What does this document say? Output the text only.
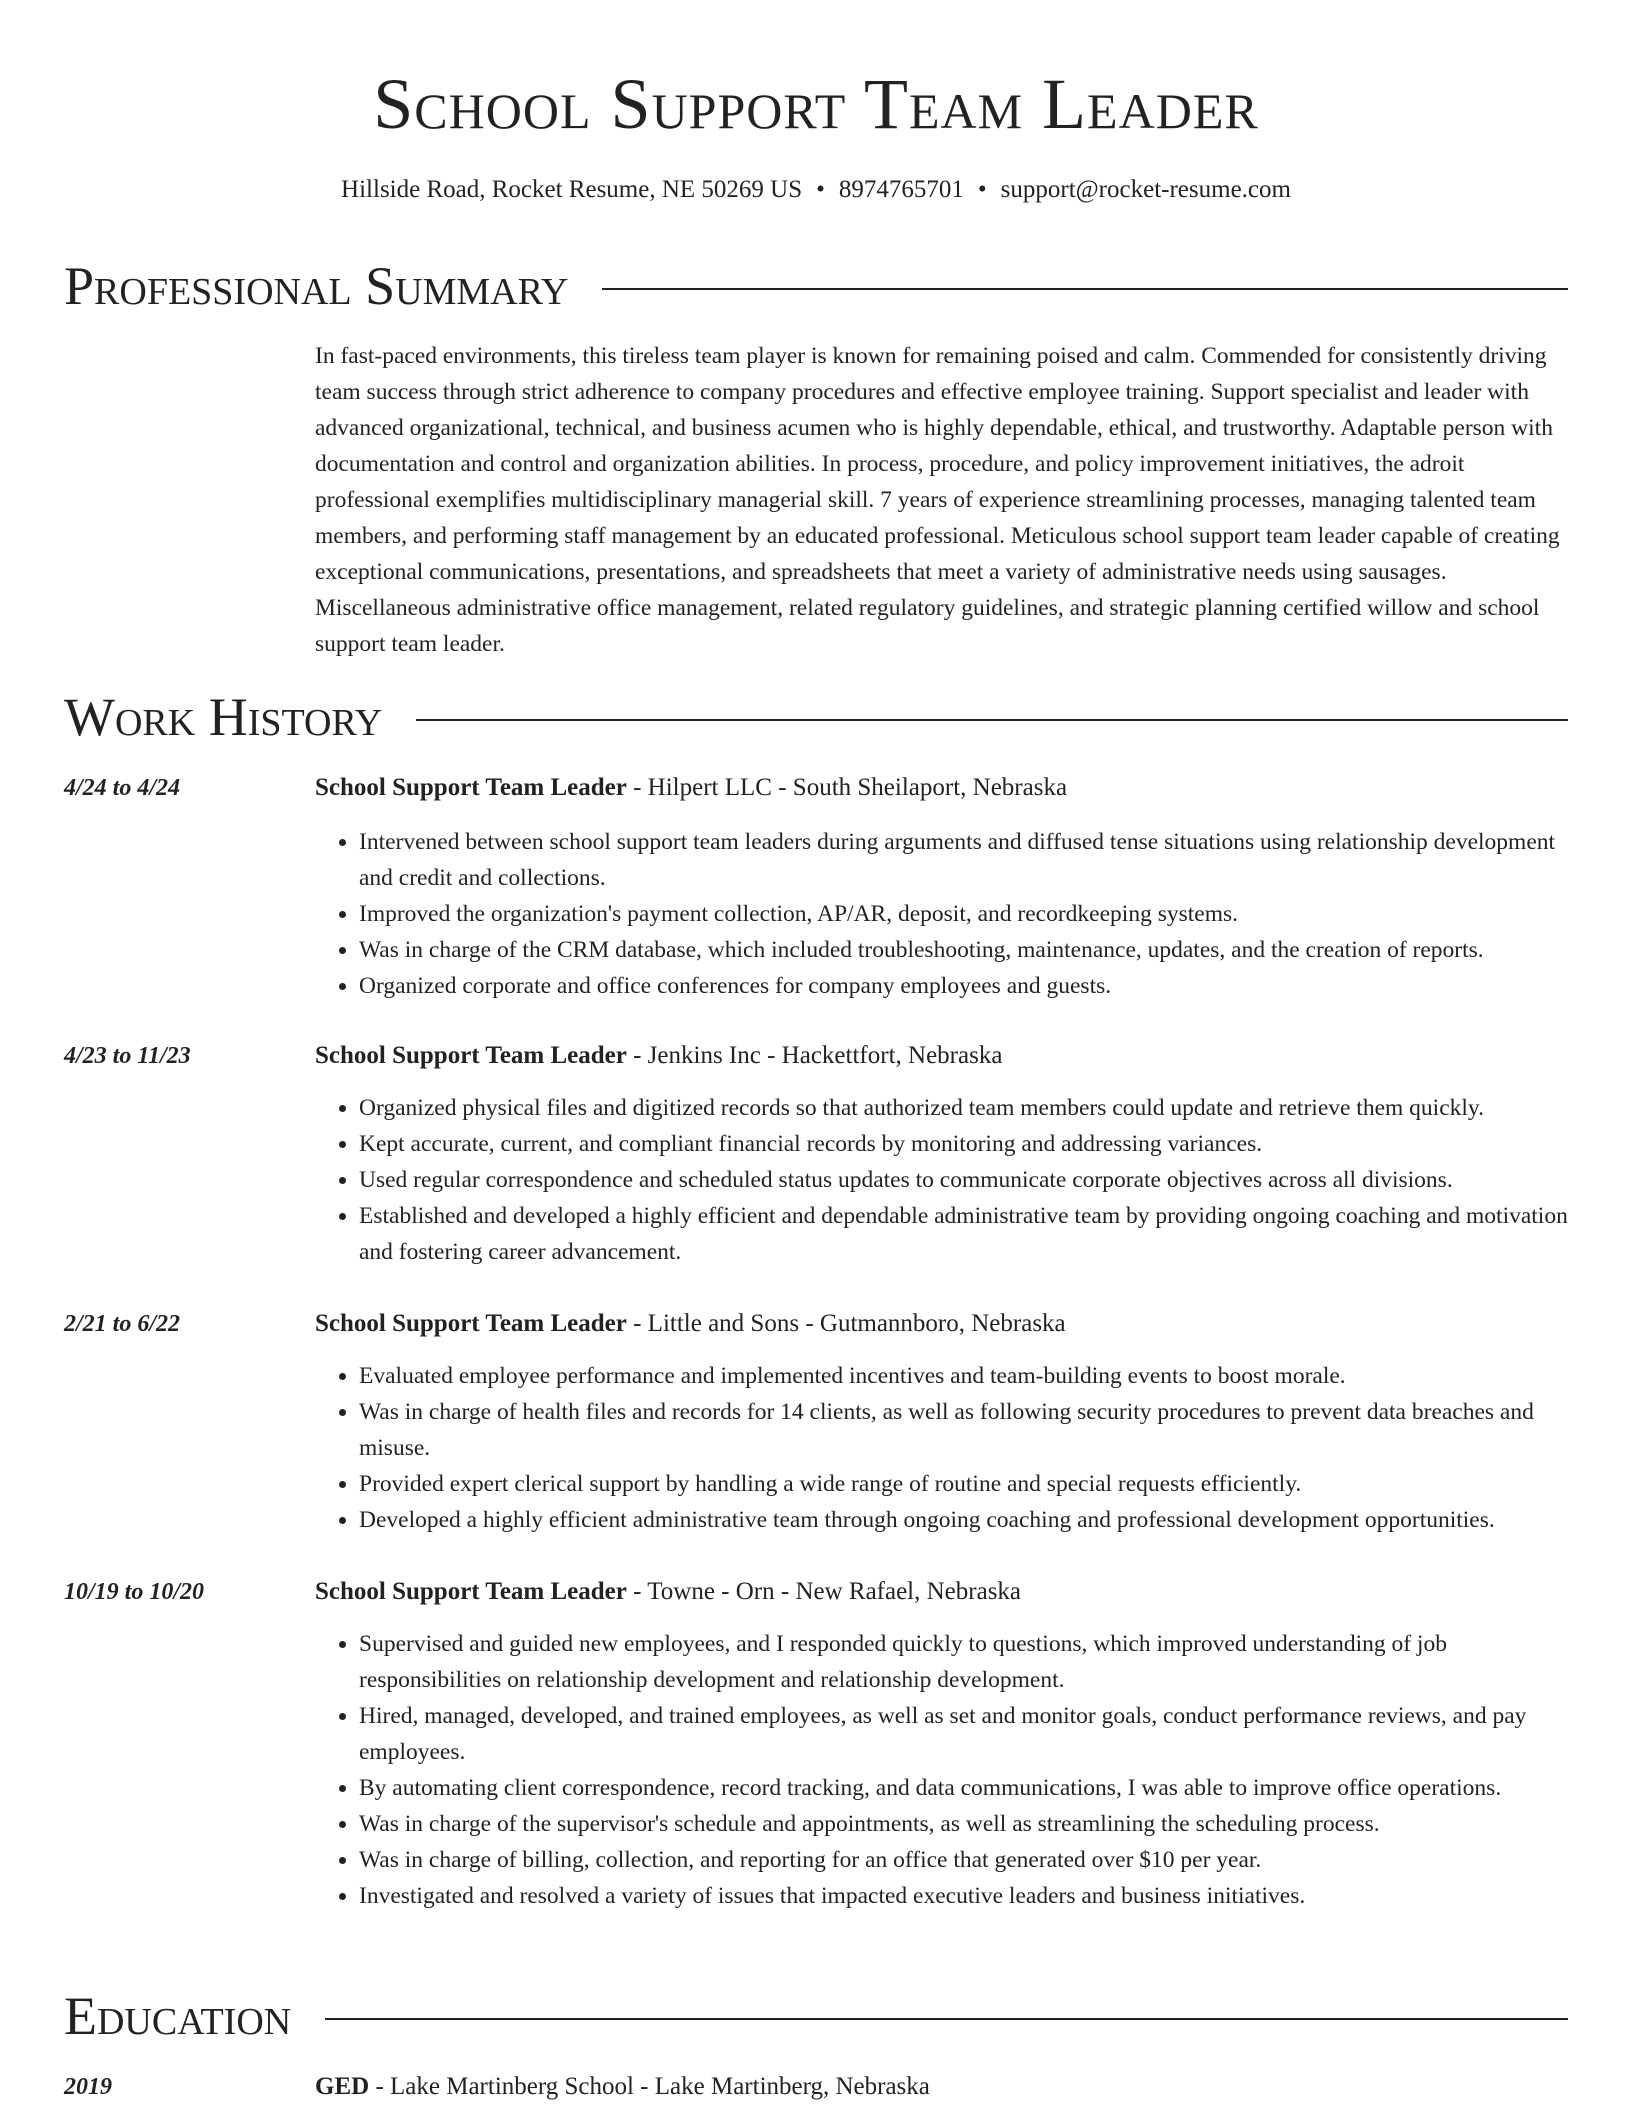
School Support Team Leader
Hillside Road, Rocket Resume, NE 50269 US • 8974765701 • support@rocket-resume.com
Professional Summary

In fast-paced environments, this tireless team player is known for remaining poised and calm. Commended for consistently driving team success through strict adherence to company procedures and effective employee training. Support specialist and leader with advanced organizational, technical, and business acumen who is highly dependable, ethical, and trustworthy. Adaptable person with documentation and control and organization abilities. In process, procedure, and policy improvement initiatives, the adroit professional exemplifies multidisciplinary managerial skill. 7 years of experience streamlining processes, managing talented team members, and performing staff management by an educated professional. Meticulous school support team leader capable of creating exceptional communications, presentations, and spreadsheets that meet a variety of administrative needs using sausages. Miscellaneous administrative office management, related regulatory guidelines, and strategic planning certified willow and school support team leader.

Work History
4/24 to 4/24	School Support Team Leader - Hilpert LLC - South Sheilaport, Nebraska
• Intervened between school support team leaders during arguments and diffused tense situations using relationship development and credit and collections.
• Improved the organization's payment collection, AP/AR, deposit, and recordkeeping systems.
• Was in charge of the CRM database, which included troubleshooting, maintenance, updates, and the creation of reports.
• Organized corporate and office conferences for company employees and guests.
4/23 to 11/23	School Support Team Leader - Jenkins Inc - Hackettfort, Nebraska
• Organized physical files and digitized records so that authorized team members could update and retrieve them quickly.
• Kept accurate, current, and compliant financial records by monitoring and addressing variances.
• Used regular correspondence and scheduled status updates to communicate corporate objectives across all divisions.
• Established and developed a highly efficient and dependable administrative team by providing ongoing coaching and motivation and fostering career advancement.
2/21 to 6/22	School Support Team Leader - Little and Sons - Gutmannboro, Nebraska
• Evaluated employee performance and implemented incentives and team-building events to boost morale.
• Was in charge of health files and records for 14 clients, as well as following security procedures to prevent data breaches and misuse.
• Provided expert clerical support by handling a wide range of routine and special requests efficiently.
• Developed a highly efficient administrative team through ongoing coaching and professional development opportunities.
10/19 to 10/20	School Support Team Leader - Towne - Orn - New Rafael, Nebraska
• Supervised and guided new employees, and I responded quickly to questions, which improved understanding of job responsibilities on relationship development and relationship development.
• Hired, managed, developed, and trained employees, as well as set and monitor goals, conduct performance reviews, and pay employees.
• By automating client correspondence, record tracking, and data communications, I was able to improve office operations.
• Was in charge of the supervisor's schedule and appointments, as well as streamlining the scheduling process.
• Was in charge of billing, collection, and reporting for an office that generated over $10 per year.
• Investigated and resolved a variety of issues that impacted executive leaders and business initiatives.
Education
2019	GED - Lake Martinberg School - Lake Martinberg, Nebraska
